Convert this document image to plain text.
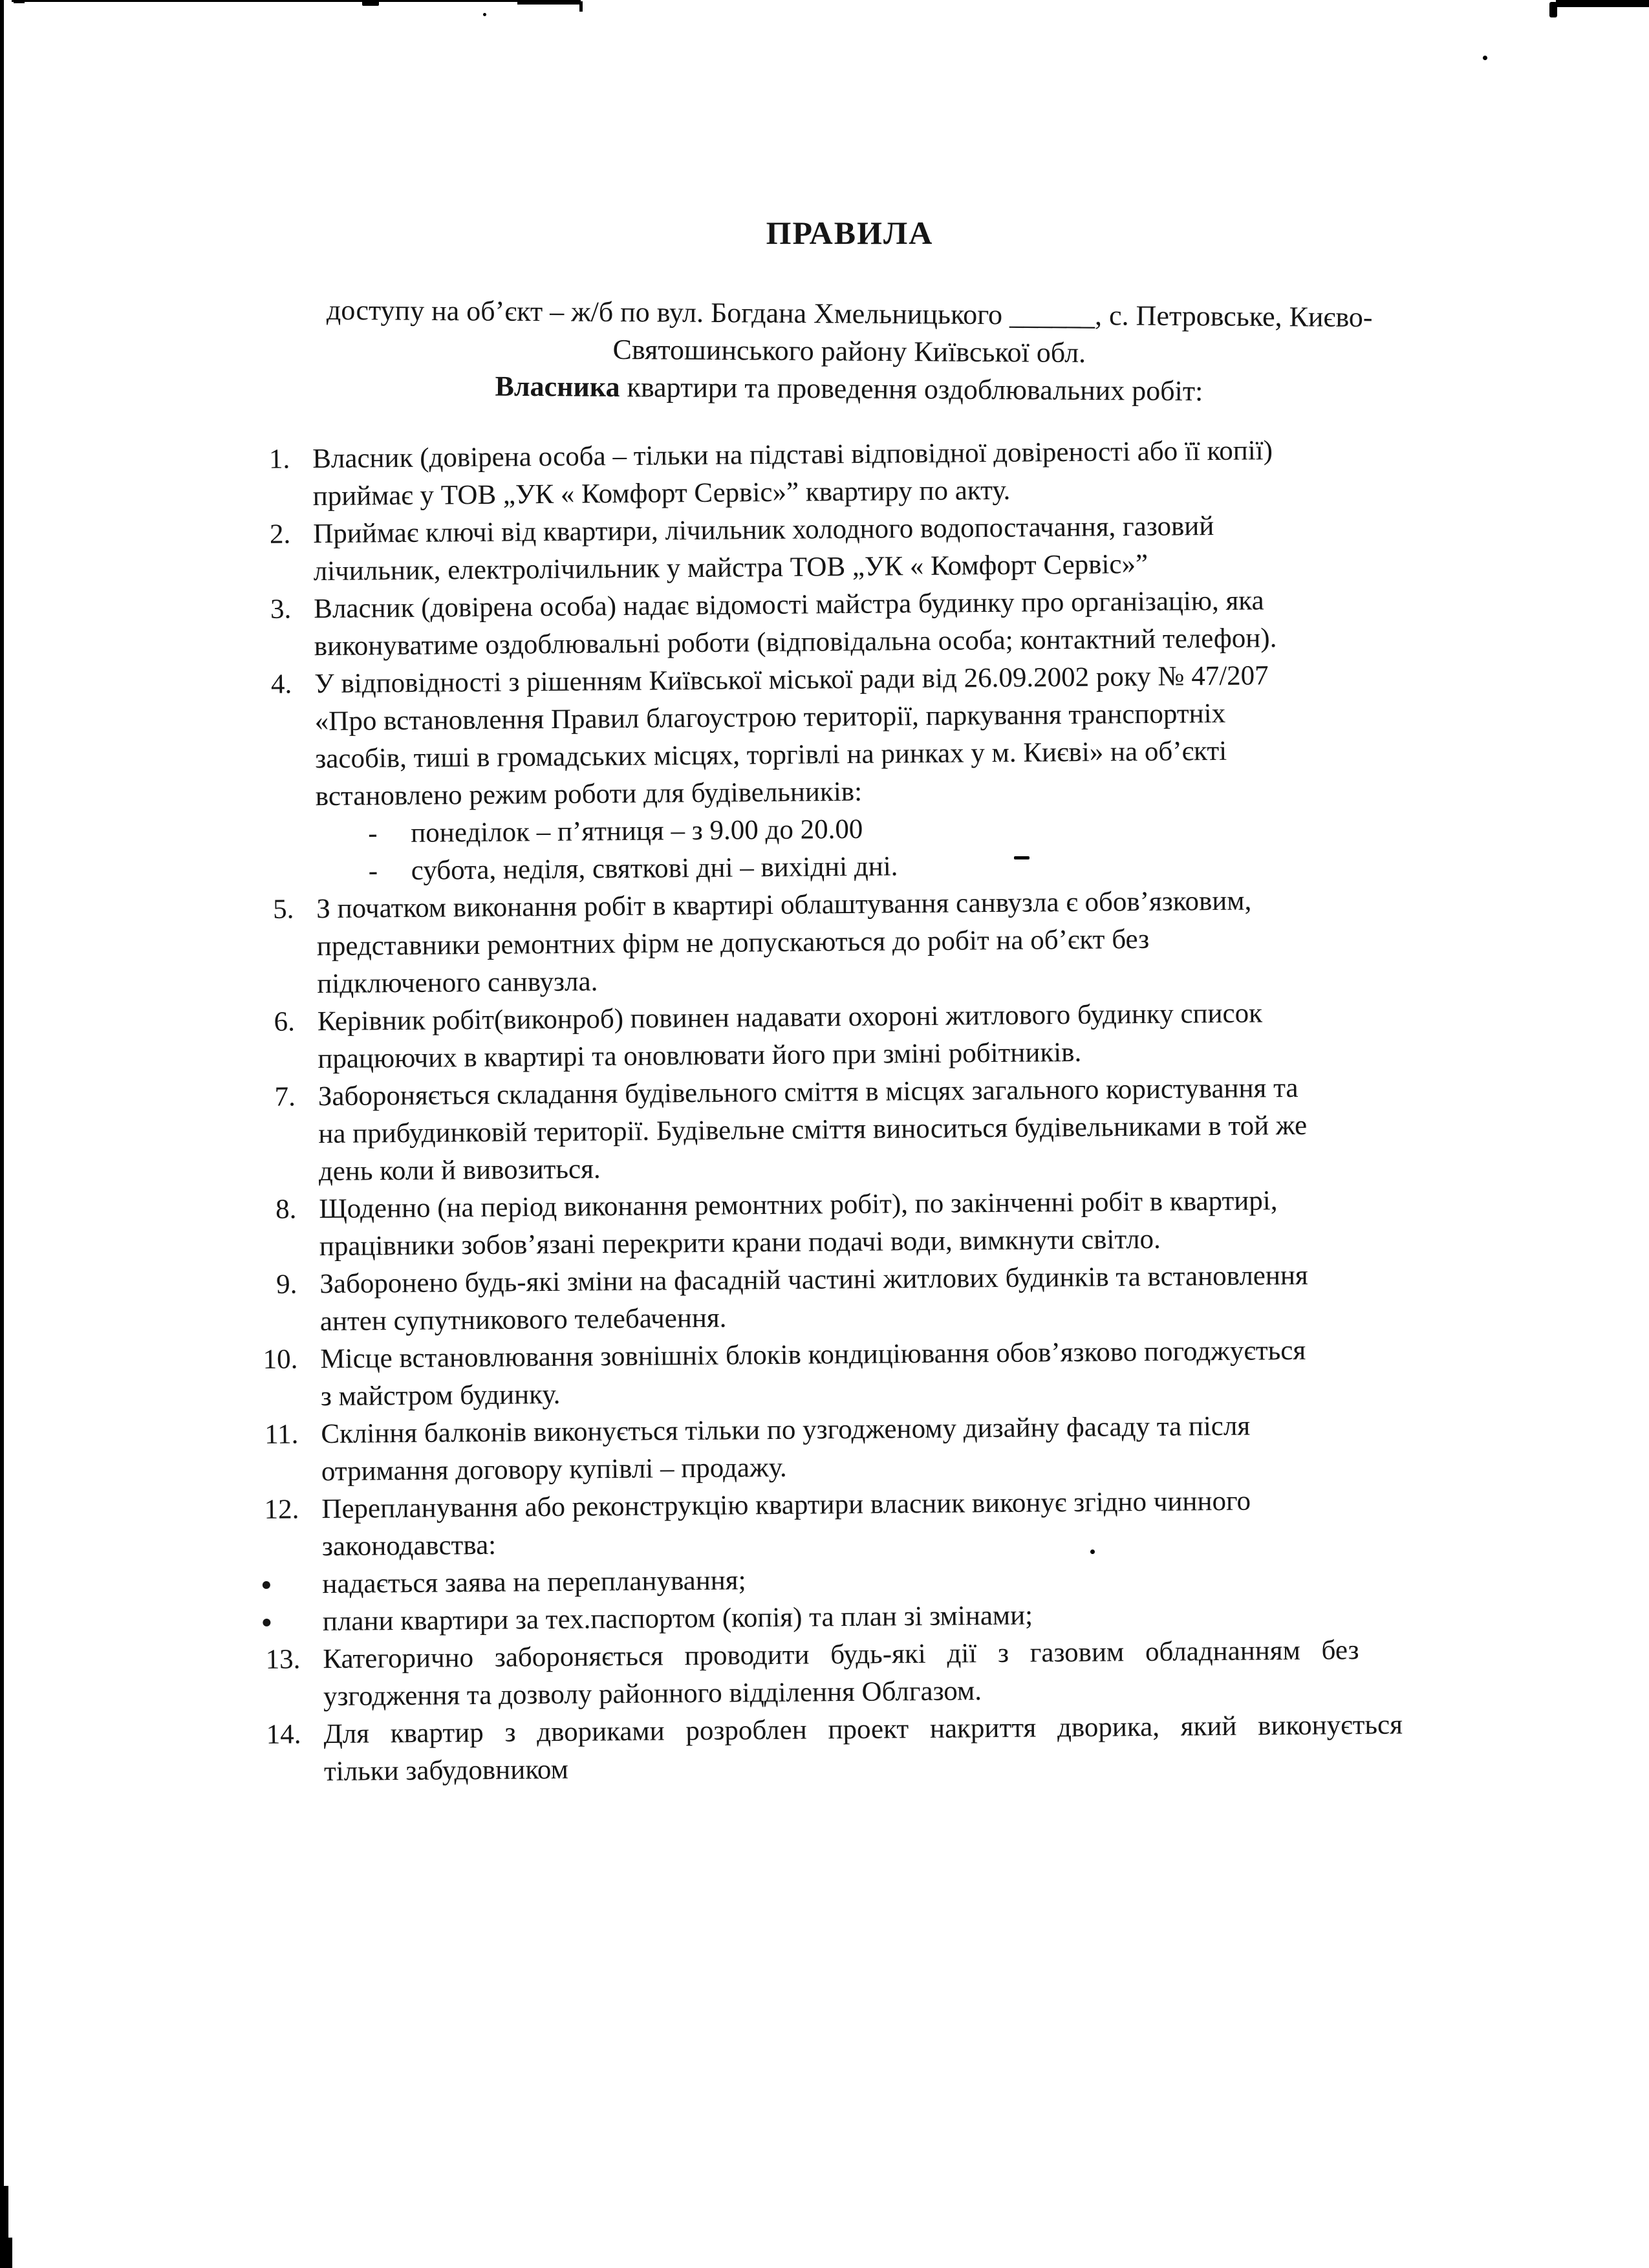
ПРАВИЛА
доступу на об’єкт – ж/б по вул. Богдана Хмельницького ______, с. Петровське, Києво-
Святошинського району Київської обл.
Власника квартири та проведення оздоблювальних робіт:
1. Власник (довірена особа – тільки на підставі відповідної довіреності або її копії)
приймає у ТОВ „УК « Комфорт Сервіс»” квартиру по акту.
2. Приймає ключі від квартири, лічильник холодного водопостачання, газовий
лічильник, електролічильник у майстра ТОВ „УК « Комфорт Сервіс»”
3. Власник (довірена особа) надає відомості майстра будинку про організацію, яка
виконуватиме оздоблювальні роботи (відповідальна особа; контактний телефон).
4. У відповідності з рішенням Київської міської ради від 26.09.2002 року № 47/207
«Про встановлення Правил благоустрою території, паркування транспортніх
засобів, тиші в громадських місцях, торгівлі на ринках у м. Києві» на об’єкті
встановлено режим роботи для будівельників:
-	понеділок – п’ятниця – з 9.00 до 20.00
-	субота, неділя, святкові дні – вихідні дні.
5. З початком виконання робіт в квартирі облаштування санвузла є обов’язковим,
представники ремонтних фірм не допускаються до робіт на об’єкт без
підключеного санвузла.
6. Керівник робіт(виконроб) повинен надавати охороні житлового будинку список
працюючих в квартирі та оновлювати його при зміні робітників.
7. Забороняється складання будівельного сміття в місцях загального користування та
на прибудинковій території. Будівельне сміття виноситься будівельниками в той же
день коли й вивозиться.
8. Щоденно (на період виконання ремонтних робіт), по закінченні робіт в квартирі,
працівники зобов’язані перекрити крани подачі води, вимкнути світло.
9. Заборонено будь-які зміни на фасадній частині житлових будинків та встановлення
антен супутникового телебачення.
10. Місце встановлювання зовнішніх блоків кондиціювання обов’язково погоджується
з майстром будинку.
11. Скління балконів виконується тільки по узгодженому дизайну фасаду та після
отримання договору купівлі – продажу.
12. Перепланування або реконструкцію квартири власник виконує згідно чинного
законодавства:
●	надається заява на перепланування;
●	плани квартири за тех.паспортом (копія) та план зі змінами;
13. Категорично забороняється проводити будь-які дії з газовим обладнанням без
узгодження та дозволу районного відділення Облгазом.
14. Для квартир з двориками розроблен проект накриття дворика, який виконується
тільки забудовником
